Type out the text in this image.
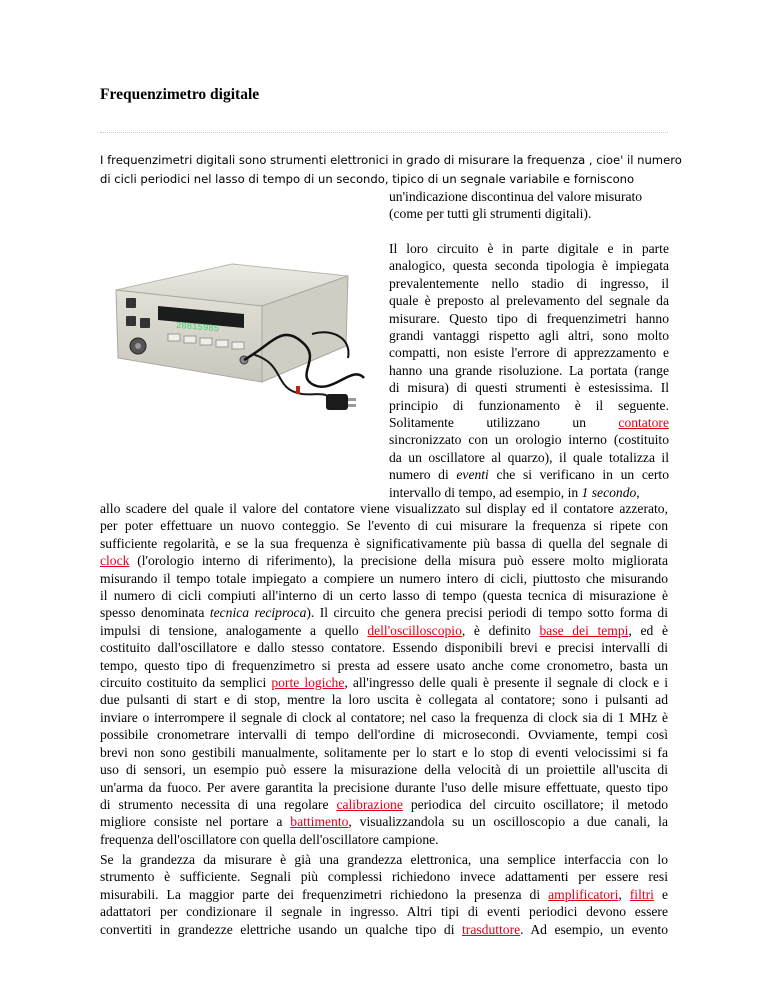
Frequenzimetro digitale
I frequenzimetri digitali sono strumenti elettronici in grado di misurare la frequenza , cioe' il numero
di cicli periodici nel lasso di tempo di un secondo, tipico di un segnale variabile e forniscono

un'indicazione discontinua del valore misurato

(come per tutti gli strumenti digitali).

Il loro circuito è in parte digitale e in parte

analogico, questa seconda tipologia è impiegata

prevalentemente nello stadio di ingresso, il

quale è preposto al prelevamento del segnale da

misurare. Questo tipo di frequenzimetri hanno

grandi vantaggi rispetto agli altri, sono molto

compatti, non esiste l'errore di apprezzamento e

hanno una grande risoluzione. La portata (range

di misura) di questi strumenti è estesissima. Il

principio di funzionamento è il seguente.

Solitamente utilizzano un contatore

sincronizzato con un orologio interno (costituito

da un oscillatore al quarzo), il quale totalizza il

numero di eventi che si verificano in un certo

intervallo di tempo, ad esempio, in 1 secondo,

28815985
allo scadere del quale il valore del contatore viene visualizzato sul display ed il contatore azzerato,
per poter effettuare un nuovo conteggio. Se l'evento di cui misurare la frequenza si ripete con
sufficiente regolarità, e se la sua frequenza è significativamente più bassa di quella del segnale di
clock (l'orologio interno di riferimento), la precisione della misura può essere molto migliorata
misurando il tempo totale impiegato a compiere un numero intero di cicli, piuttosto che misurando
il numero di cicli compiuti all'interno di un certo lasso di tempo (questa tecnica di misurazione è
spesso denominata tecnica reciproca). Il circuito che genera precisi periodi di tempo sotto forma di
impulsi di tensione, analogamente a quello dell'oscilloscopio, è definito base dei tempi, ed è
costituito dall'oscillatore e dallo stesso contatore. Essendo disponibili brevi e precisi intervalli di
tempo, questo tipo di frequenzimetro si presta ad essere usato anche come cronometro, basta un
circuito costituito da semplici porte logiche, all'ingresso delle quali è presente il segnale di clock e i
due pulsanti di start e di stop, mentre la loro uscita è collegata al contatore; sono i pulsanti ad
inviare o interrompere il segnale di clock al contatore; nel caso la frequenza di clock sia di 1 MHz è
possibile cronometrare intervalli di tempo dell'ordine di microsecondi. Ovviamente, tempi così
brevi non sono gestibili manualmente, solitamente per lo start e lo stop di eventi velocissimi si fa
uso di sensori, un esempio può essere la misurazione della velocità di un proiettile all'uscita di
un'arma da fuoco. Per avere garantita la precisione durante l'uso delle misure effettuate, questo tipo
di strumento necessita di una regolare calibrazione periodica del circuito oscillatore; il metodo
migliore consiste nel portare a battimento, visualizzandola su un oscilloscopio a due canali, la
frequenza dell'oscillatore con quella dell'oscillatore campione.
Se la grandezza da misurare è già una grandezza elettronica, una semplice interfaccia con lo
strumento è sufficiente. Segnali più complessi richiedono invece adattamenti per essere resi
misurabili. La maggior parte dei frequenzimetri richiedono la presenza di amplificatori, filtri e
adattatori per condizionare il segnale in ingresso. Altri tipi di eventi periodici devono essere
convertiti in grandezze elettriche usando un qualche tipo di trasduttore. Ad esempio, un evento
